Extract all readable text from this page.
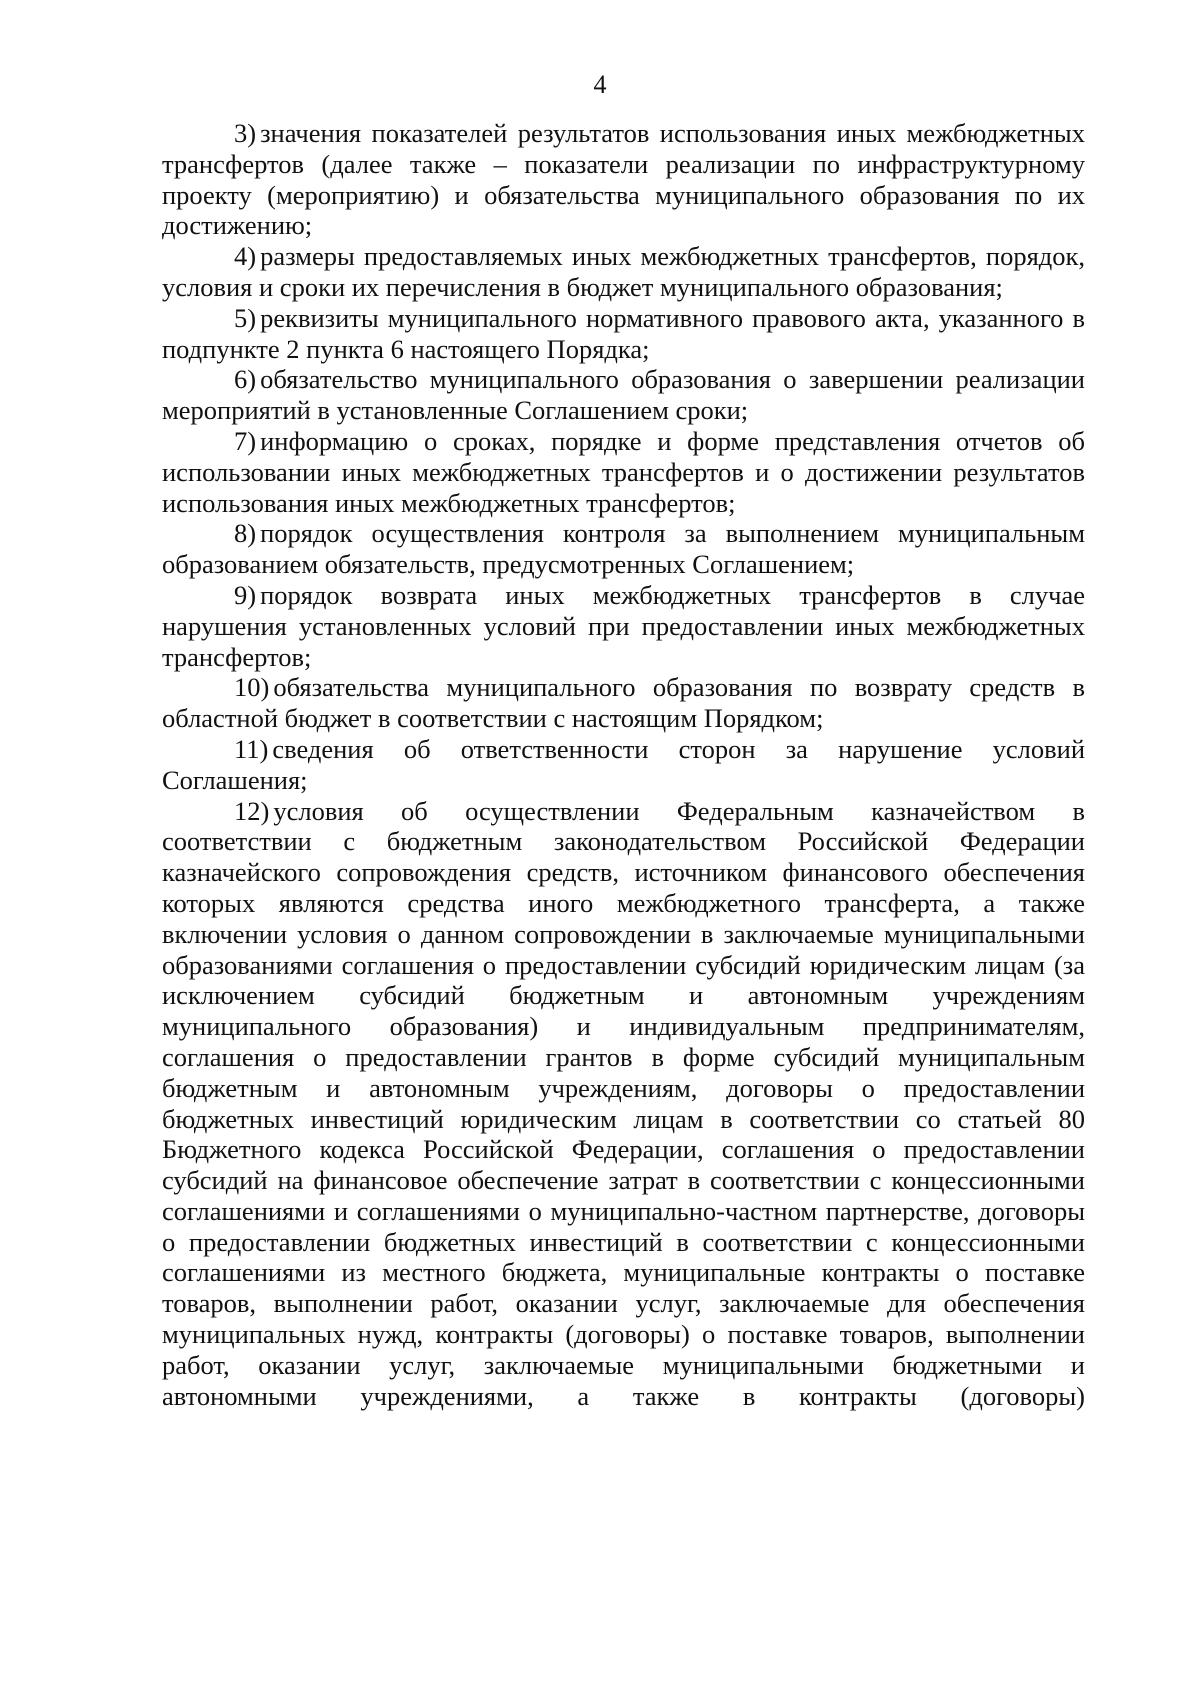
4

3) значения показателей результатов использования иных межбюджетных трансфертов (далее также – показатели реализации по инфраструктурному проекту (мероприятию) и обязательства муниципального образования по их достижению;

4) размеры предоставляемых иных межбюджетных трансфертов, порядок, условия и сроки их перечисления в бюджет муниципального образования;

5) реквизиты муниципального нормативного правового акта, указанного в подпункте 2 пункта 6 настоящего Порядка;

6) обязательство муниципального образования о завершении реализации мероприятий в установленные Соглашением сроки;

7) информацию о сроках, порядке и форме представления отчетов об использовании иных межбюджетных трансфертов и о достижении результатов использования иных межбюджетных трансфертов;

8) порядок осуществления контроля за выполнением муниципальным образованием обязательств, предусмотренных Соглашением;

9) порядок возврата иных межбюджетных трансфертов в случае нарушения установленных условий при предоставлении иных межбюджетных трансфертов;

10) обязательства муниципального образования по возврату средств в областной бюджет в соответствии с настоящим Порядком;

11) сведения об ответственности сторон за нарушение условий Соглашения;

12) условия об осуществлении Федеральным казначейством в соответствии с бюджетным законодательством Российской Федерации казначейского сопровождения средств, источником финансового обеспечения которых являются средства иного межбюджетного трансферта, а также включении условия о данном сопровождении в заключаемые муниципальными образованиями соглашения о предоставлении субсидий юридическим лицам (за исключением субсидий бюджетным и автономным учреждениям муниципального образования) и индивидуальным предпринимателям, соглашения о предоставлении грантов в форме субсидий муниципальным бюджетным и автономным учреждениям, договоры о предоставлении бюджетных инвестиций юридическим лицам в соответствии со статьей 80 Бюджетного кодекса Российской Федерации, соглашения о предоставлении субсидий на финансовое обеспечение затрат в соответствии с концессионными соглашениями и соглашениями о муниципально-частном партнерстве, договоры о предоставлении бюджетных инвестиций в соответствии с концессионными соглашениями из местного бюджета, муниципальные контракты о поставке товаров, выполнении работ, оказании услуг, заключаемые для обеспечения муниципальных нужд, контракты (договоры) о поставке товаров, выполнении работ, оказании услуг, заключаемые муниципальными бюджетными и автономными учреждениями, а также в контракты (договоры)
